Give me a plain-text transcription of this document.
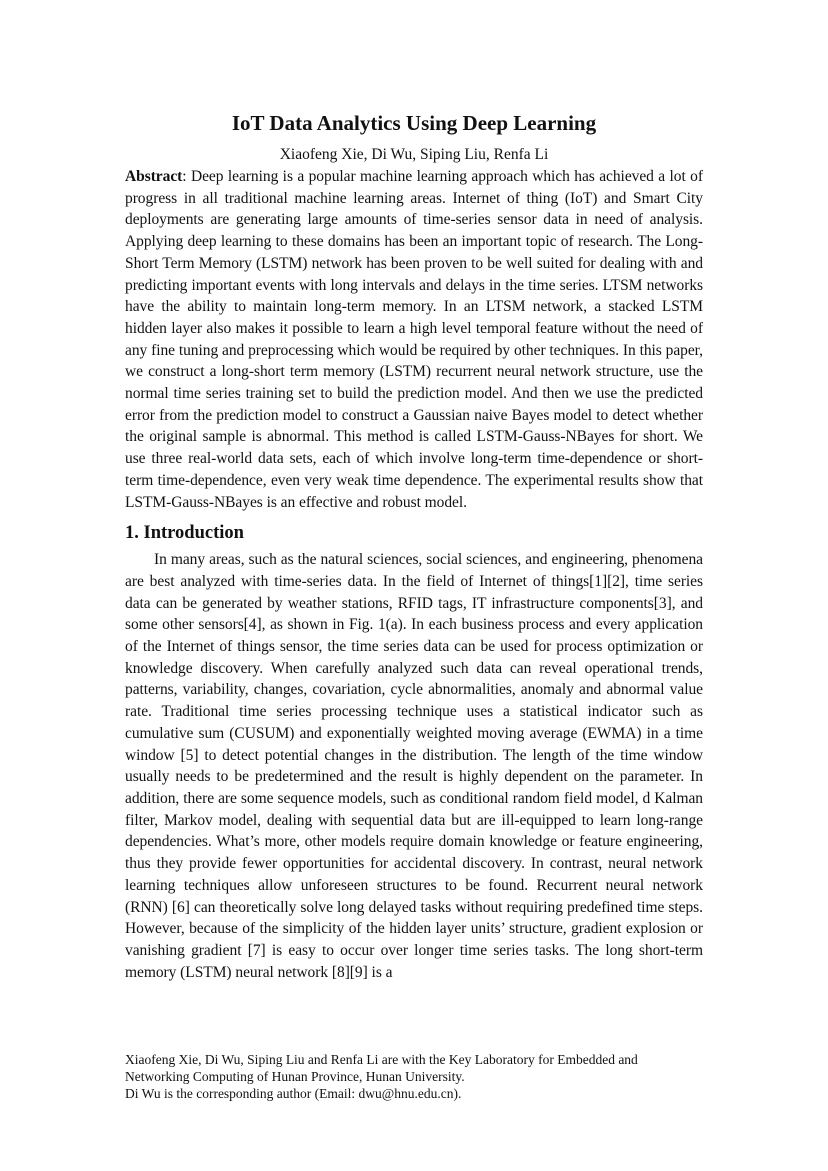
IoT Data Analytics Using Deep Learning
Xiaofeng Xie, Di Wu, Siping Liu, Renfa Li

Abstract: Deep learning is a popular machine learning approach which has achieved a lot of progress in all traditional machine learning areas. Internet of thing (IoT) and Smart City deployments are generating large amounts of time-series sensor data in need of analysis. Applying deep learning to these domains has been an important topic of research. The Long-Short Term Memory (LSTM) network has been proven to be well suited for dealing with and predicting important events with long intervals and delays in the time series. LTSM networks have the ability to maintain long-term memory. In an LTSM network, a stacked LSTM hidden layer also makes it possible to learn a high level temporal feature without the need of any fine tuning and preprocessing which would be required by other techniques. In this paper, we construct a long-short term memory (LSTM) recurrent neural network structure, use the normal time series training set to build the prediction model. And then we use the predicted error from the prediction model to construct a Gaussian naive Bayes model to detect whether the original sample is abnormal. This method is called LSTM-Gauss-NBayes for short. We use three real-world data sets, each of which involve long-term time-dependence or short-term time-dependence, even very weak time dependence. The experimental results show that LSTM-Gauss-NBayes is an effective and robust model.

1. Introduction

In many areas, such as the natural sciences, social sciences, and engineering, phenomena are best analyzed with time-series data. In the field of Internet of things[1][2], time series data can be generated by weather stations, RFID tags, IT infrastructure components[3], and some other sensors[4], as shown in Fig. 1(a). In each business process and every application of the Internet of things sensor, the time series data can be used for process optimization or knowledge discovery. When carefully analyzed such data can reveal operational trends, patterns, variability, changes, covariation, cycle abnormalities, anomaly and abnormal value rate. Traditional time series processing technique uses a statistical indicator such as cumulative sum (CUSUM) and exponentially weighted moving average (EWMA) in a time window [5] to detect potential changes in the distribution. The length of the time window usually needs to be predetermined and the result is highly dependent on the parameter. In addition, there are some sequence models, such as conditional random field model, d Kalman filter, Markov model, dealing with sequential data but are ill-equipped to learn long-range dependencies. What’s more, other models require domain knowledge or feature engineering, thus they provide fewer opportunities for accidental discovery. In contrast, neural network learning techniques allow unforeseen structures to be found. Recurrent neural network (RNN) [6] can theoretically solve long delayed tasks without requiring predefined time steps. However, because of the simplicity of the hidden layer units’ structure, gradient explosion or vanishing gradient [7] is easy to occur over longer time series tasks. The long short-term memory (LSTM) neural network [8][9] is a

Xiaofeng Xie, Di Wu, Siping Liu and Renfa Li are with the Key Laboratory for Embedded and
Networking Computing of Hunan Province, Hunan University.
Di Wu is the corresponding author (Email: dwu@hnu.edu.cn).
